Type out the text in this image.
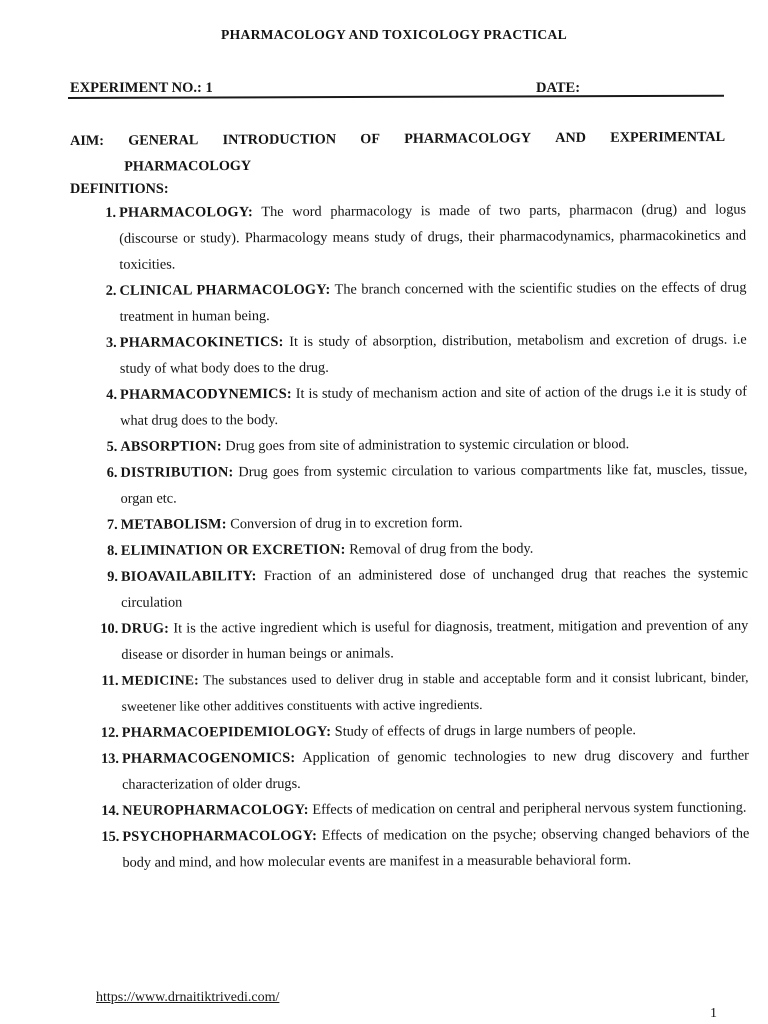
PHARMACOLOGY AND TOXICOLOGY PRACTICAL
EXPERIMENT NO.: 1	DATE:
AIM: GENERAL INTRODUCTION OF PHARMACOLOGY AND EXPERIMENTAL
PHARMACOLOGY
DEFINITIONS:
1. PHARMACOLOGY: The word pharmacology is made of two parts, pharmacon (drug) and logus (discourse or study). Pharmacology means study of drugs, their pharmacodynamics, pharmacokinetics and toxicities.
2. CLINICAL PHARMACOLOGY: The branch concerned with the scientific studies on the effects of drug treatment in human being.
3. PHARMACOKINETICS: It is study of absorption, distribution, metabolism and excretion of drugs. i.e study of what body does to the drug.
4. PHARMACODYNEMICS: It is study of mechanism action and site of action of the drugs i.e it is study of what drug does to the body.
5. ABSORPTION: Drug goes from site of administration to systemic circulation or blood.
6. DISTRIBUTION: Drug goes from systemic circulation to various compartments like fat, muscles, tissue, organ etc.
7. METABOLISM: Conversion of drug in to excretion form.
8. ELIMINATION OR EXCRETION: Removal of drug from the body.
9. BIOAVAILABILITY: Fraction of an administered dose of unchanged drug that reaches the systemic circulation
10. DRUG: It is the active ingredient which is useful for diagnosis, treatment, mitigation and prevention of any disease or disorder in human beings or animals.
11. MEDICINE: The substances used to deliver drug in stable and acceptable form and it consist lubricant, binder, sweetener like other additives constituents with active ingredients.
12. PHARMACOEPIDEMIOLOGY: Study of effects of drugs in large numbers of people.
13. PHARMACOGENOMICS: Application of genomic technologies to new drug discovery and further characterization of older drugs.
14. NEUROPHARMACOLOGY: Effects of medication on central and peripheral nervous system functioning.
15. PSYCHOPHARMACOLOGY: Effects of medication on the psyche; observing changed behaviors of the body and mind, and how molecular events are manifest in a measurable behavioral form.
https://www.drnaitiktrivedi.com/
1
